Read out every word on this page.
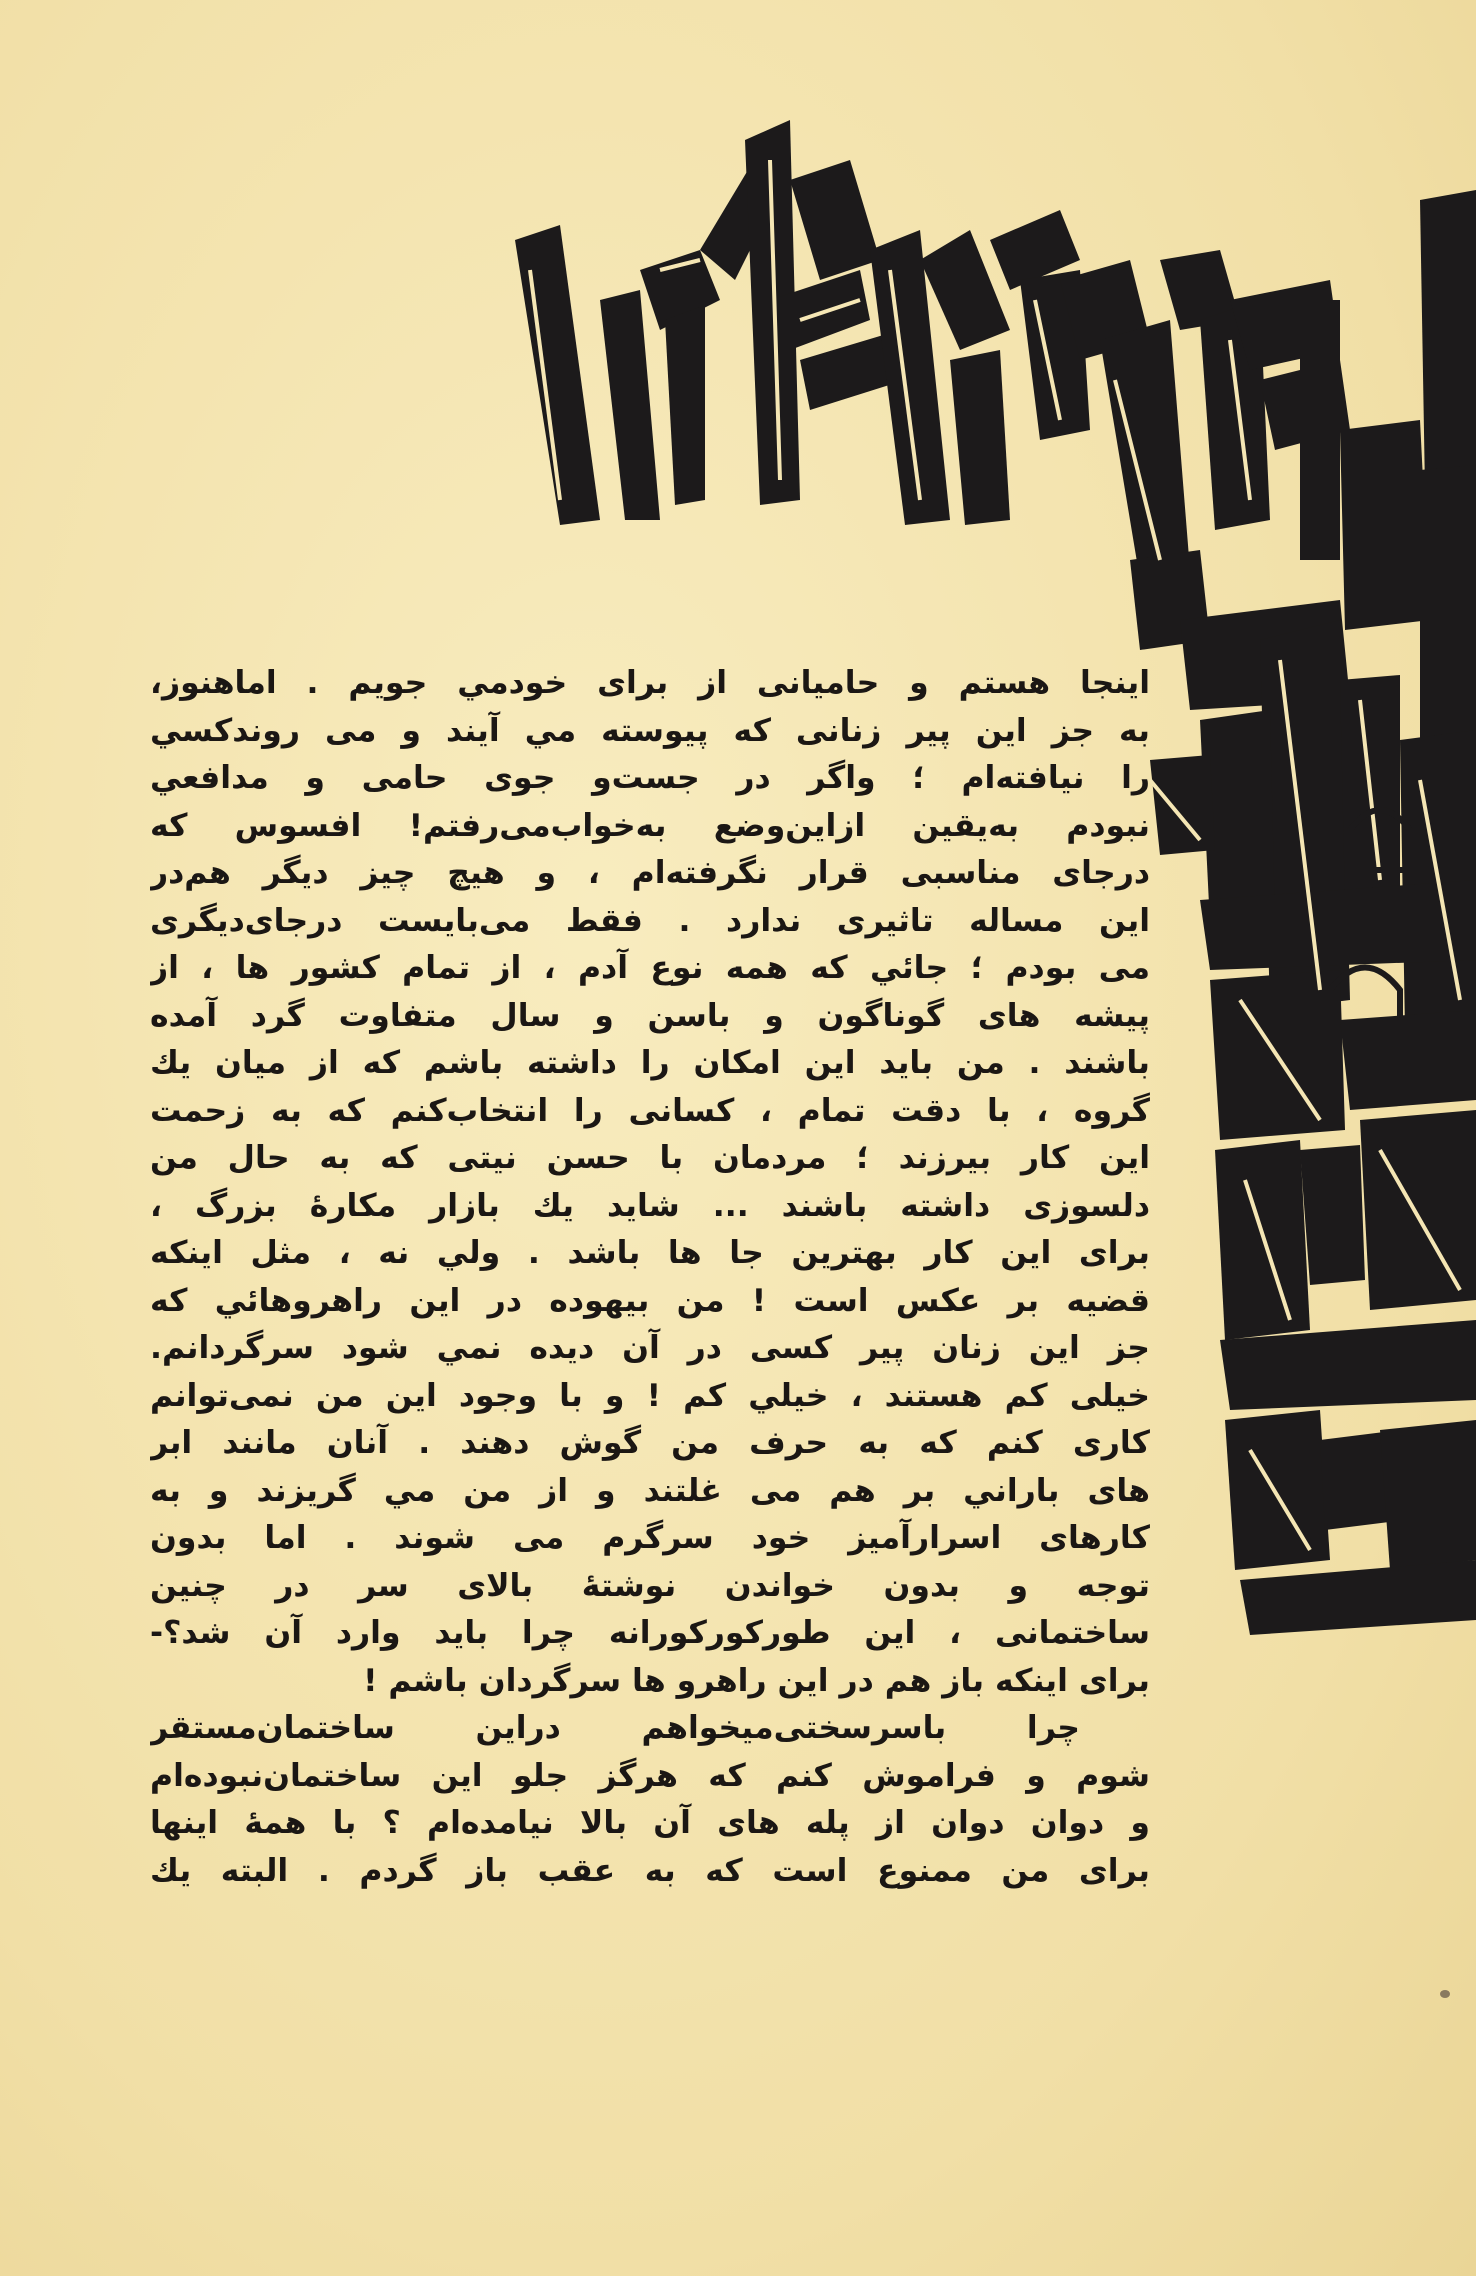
اینجا هستم و حامیانی از برای خودمي جویم . اماهنوز،
به جز این پیر زنانی که پیوسته مي آیند و می روندکسي
را نیافته‌ام ؛ واگر در جست‌و جوی حامی و مدافعي
نبودم به‌یقین ازاین‌وضع به‌خواب‌می‌رفتم! افسوس که
درجای مناسبی قرار نگرفته‌ام ، و هیچ چیز دیگر هم‌در
این مساله تاثیری ندارد . فقط می‌بایست درجای‌دیگری
می بودم ؛ جائي که همه نوع آدم ، از تمام کشور ها ، از
پیشه های گوناگون و باسن و سال متفاوت گرد آمده
باشند . من باید این امکان را داشته باشم که از میان يك
گروه ، با دقت تمام ، کسانی را انتخاب‌کنم که به زحمت
این کار بیرزند ؛ مردمان با حسن نیتی که به حال من
دلسوزی داشته باشند ... شاید يك بازار مکارهٔ بزرگ ،
برای این کار بهترین جا ها باشد . ولي نه ، مثل اینکه
قضیه بر عکس است ! من بیهوده در این راهروهائي که
جز این زنان پیر کسی در آن دیده نمي شود سرگردانم.
خیلی کم هستند ، خیلي کم ! و با وجود این من نمی‌توانم
کاری کنم که به حرف من گوش دهند . آنان مانند ابر
های باراني بر هم می غلتند و از من مي گریزند و به
کارهای اسرارآمیز خود سرگرم می شوند . اما بدون
توجه و بدون خواندن نوشتهٔ بالای سر در چنین
ساختمانی ، این طورکورکورانه چرا باید وارد آن شد؟-
برای اینکه باز هم در این راهرو ها سرگردان باشم !
چرا باسرسختی‌میخواهم دراین ساختمان‌مستقر
شوم و فراموش کنم که هرگز جلو این ساختمان‌نبوده‌ام
و دوان دوان از پله های آن بالا نیامده‌ام ؟ با همهٔ اینها
برای من ممنوع است که به عقب باز گردم . البته يك
